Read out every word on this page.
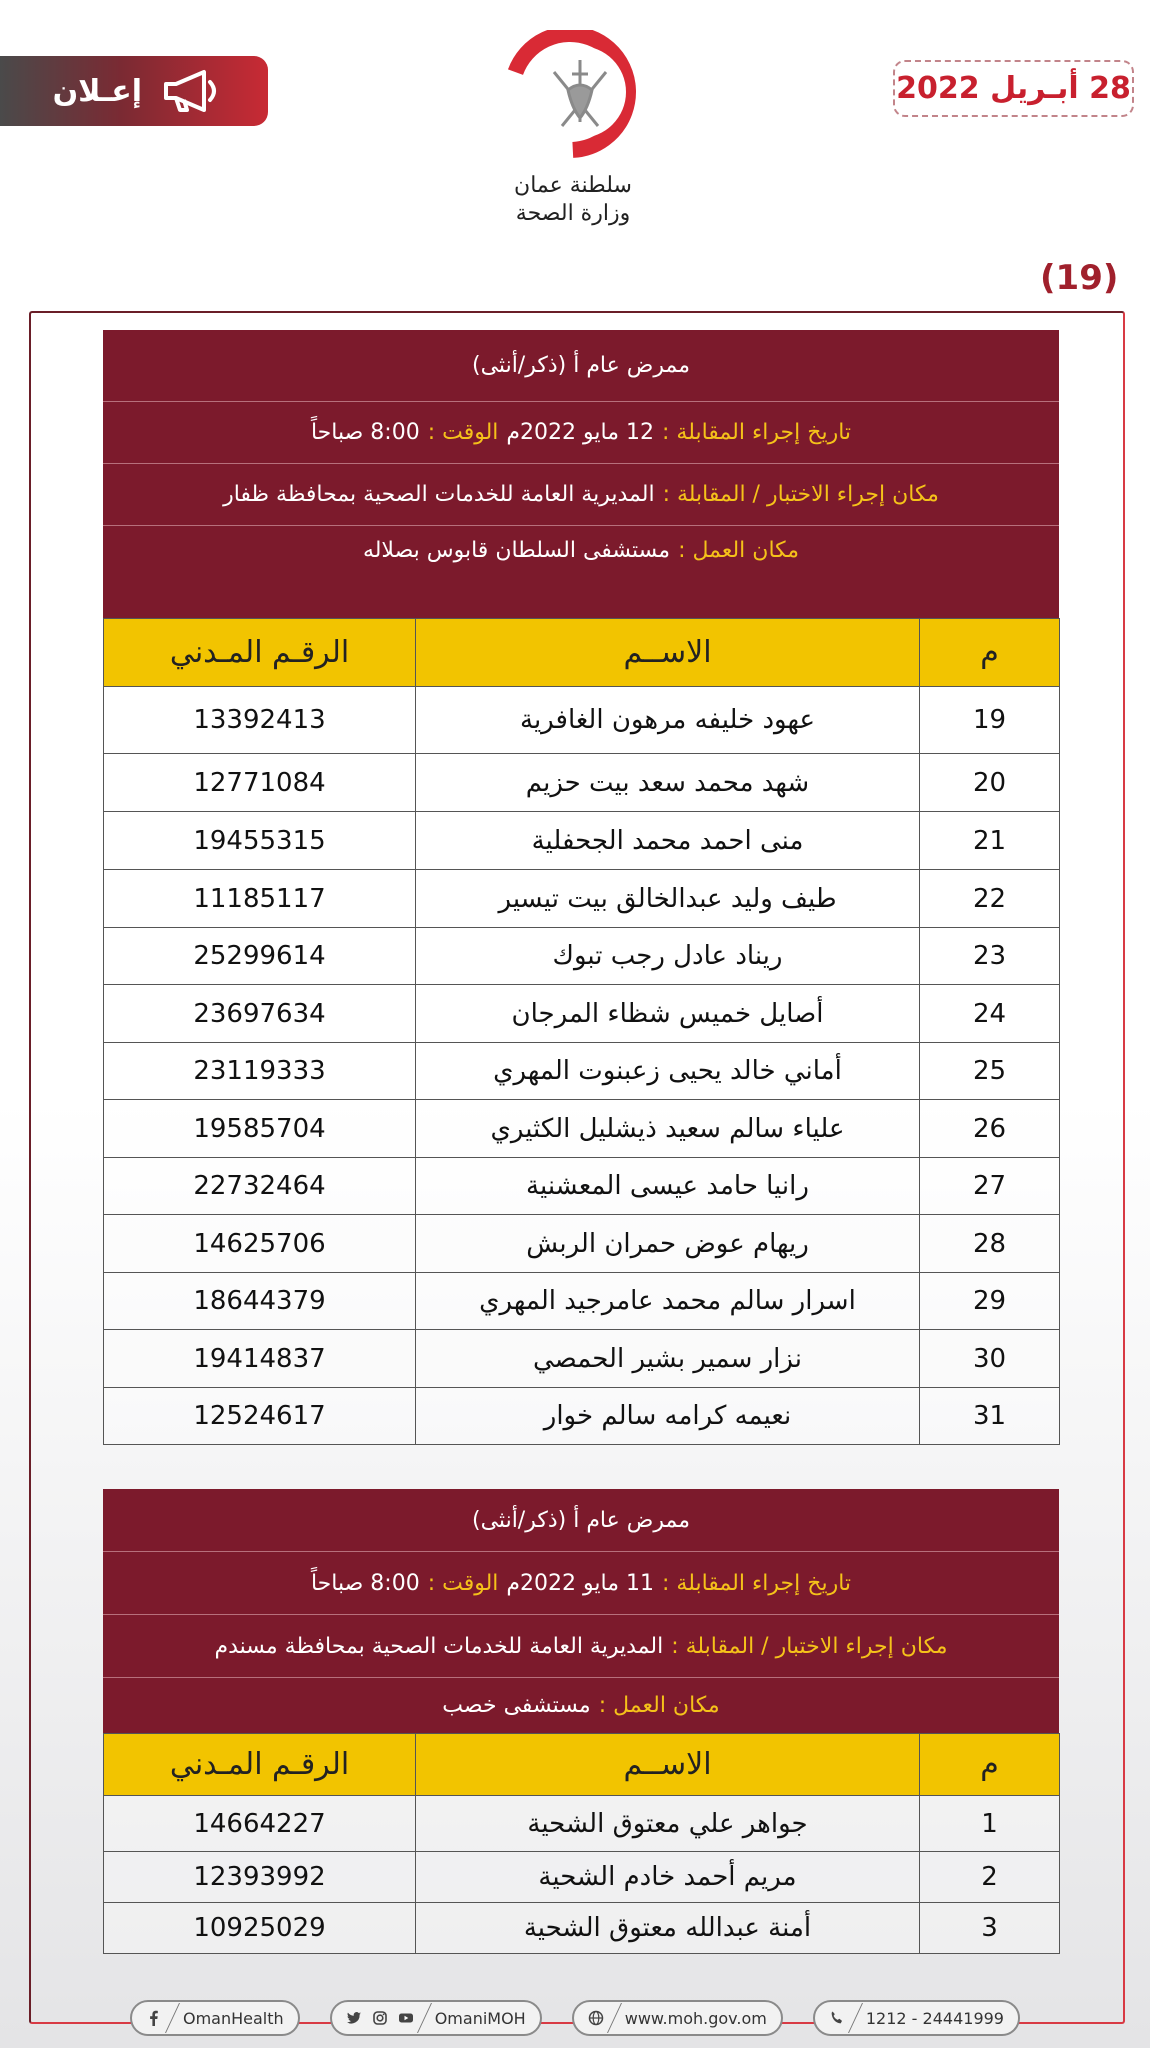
إعـلان
سلطنة عمان
وزارة الصحة
28 أبـريل 2022
(19)
ممرض عام أ (ذكر/أنثى)
تاريخ إجراء المقابلة :
12 مايو 2022م
الوقت :
8:00 صباحاً
مكان إجراء الاختبار / المقابلة :
المديرية العامة للخدمات الصحية بمحافظة ظفار
مكان العمل :
مستشفى السلطان قابوس بصلاله
م	الاســم	الرقـم المـدني
19	عهود خليفه مرهون الغافرية	13392413
20	شهد محمد سعد بيت حزيم	12771084
21	منى احمد محمد الجحفلية	19455315
22	طيف وليد عبدالخالق بيت تيسير	11185117
23	ريناد عادل رجب تبوك	25299614
24	أصايل خميس شظاء المرجان	23697634
25	أماني خالد يحيى زعبنوت المهري	23119333
26	علياء سالم سعيد ذيشليل الكثيري	19585704
27	رانيا حامد عيسى المعشنية	22732464
28	ريهام عوض حمران الربش	14625706
29	اسرار سالم محمد عامرجيد المهري	18644379
30	نزار سمير بشير الحمصي	19414837
31	نعيمه كرامه سالم خوار	12524617
ممرض عام أ (ذكر/أنثى)
تاريخ إجراء المقابلة :
11 مايو 2022م
الوقت :
8:00 صباحاً
مكان إجراء الاختبار / المقابلة :
المديرية العامة للخدمات الصحية بمحافظة مسندم
مكان العمل :
مستشفى خصب
م	الاســم	الرقـم المـدني
1	جواهر علي معتوق الشحية	14664227
2	مريم أحمد خادم الشحية	12393992
3	أمنة عبدالله معتوق الشحية	10925029
OmanHealth	OmaniMOH	www.moh.gov.om	1212 - 24441999
